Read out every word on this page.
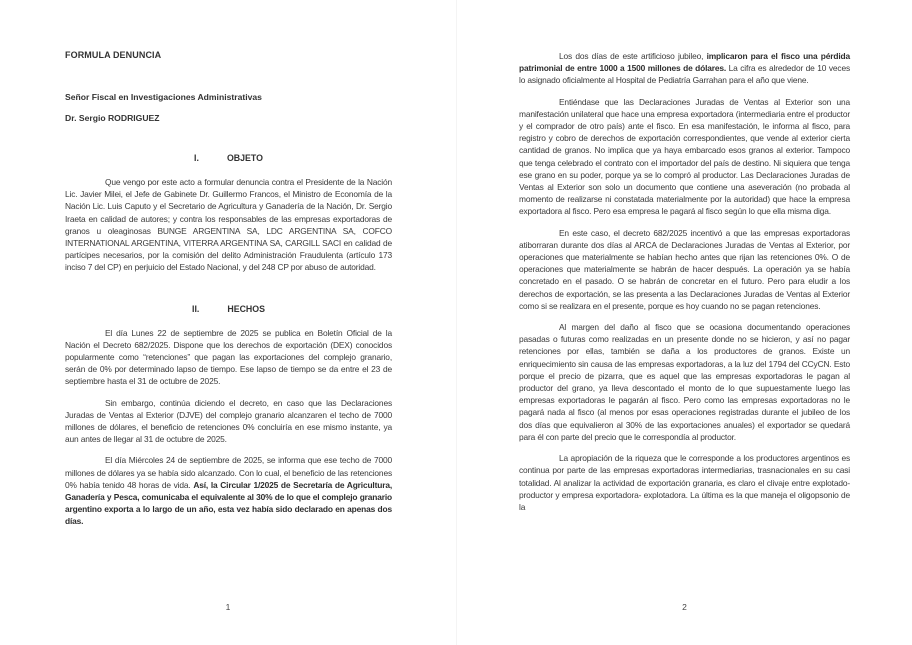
FORMULA DENUNCIA

Señor Fiscal en Investigaciones Administrativas

Dr. Sergio RODRIGUEZ

I.	OBJETO

Que vengo por este acto a formular denuncia contra el Presidente de la Nación Lic. Javier Milei, el Jefe de Gabinete Dr. Guillermo Francos, el Ministro de Economía de la Nación Lic. Luis Caputo y el Secretario de Agricultura y Ganadería de la Nación, Dr. Sergio Iraeta en calidad de autores; y contra los responsables de las empresas exportadoras de granos u oleaginosas BUNGE ARGENTINA SA, LDC ARGENTINA SA, COFCO INTERNATIONAL ARGENTINA, VITERRA ARGENTINA SA, CARGILL SACI en calidad de partícipes necesarios, por la comisión del delito Administración Fraudulenta (artículo 173 inciso 7 del CP) en perjuicio del Estado Nacional, y del 248 CP por abuso de autoridad.

II.	HECHOS

El día Lunes 22 de septiembre de 2025 se publica en Boletín Oficial de la Nación el Decreto 682/2025. Dispone que los derechos de exportación (DEX) conocidos popularmente como “retenciones” que pagan las exportaciones del complejo granario, serán de 0% por determinado lapso de tiempo. Ese lapso de tiempo se da entre el 23 de septiembre hasta el 31 de octubre de 2025.

Sin embargo, continúa diciendo el decreto, en caso que las Declaraciones Juradas de Ventas al Exterior (DJVE) del complejo granario alcanzaren el techo de 7000 millones de dólares, el beneficio de retenciones 0% concluiría en ese mismo instante, ya aun antes de llegar al 31 de octubre de 2025.

El día Miércoles 24 de septiembre de 2025, se informa que ese techo de 7000 millones de dólares ya se había sido alcanzado. Con lo cual, el beneficio de las retenciones 0% había tenido 48 horas de vida. Así, la Circular 1/2025 de Secretaría de Agricultura, Ganadería y Pesca, comunicaba el equivalente al 30% de lo que el complejo granario argentino exporta a lo largo de un año, esta vez había sido declarado en apenas dos días.

1

Los dos días de este artificioso jubileo, implicaron para el fisco una pérdida patrimonial de entre 1000 a 1500 millones de dólares. La cifra es alrededor de 10 veces lo asignado oficialmente al Hospital de Pediatría Garrahan para el año que viene.

Entiéndase que las Declaraciones Juradas de Ventas al Exterior son una manifestación unilateral que hace una empresa exportadora (intermediaria entre el productor y el comprador de otro país) ante el fisco. En esa manifestación, le informa al fisco, para registro y cobro de derechos de exportación correspondientes, que vende al exterior cierta cantidad de granos. No implica que ya haya embarcado esos granos al exterior. Tampoco que tenga celebrado el contrato con el importador del país de destino. Ni siquiera que tenga ese grano en su poder, porque ya se lo compró al productor. Las Declaraciones Juradas de Ventas al Exterior son solo un documento que contiene una aseveración (no probada al momento de realizarse ni constatada materialmente por la autoridad) que hace la empresa exportadora al fisco. Pero esa empresa le pagará al fisco según lo que ella misma diga.

En este caso, el decreto 682/2025 incentivó a que las empresas exportadoras atiborraran durante dos días al ARCA de Declaraciones Juradas de Ventas al Exterior, por operaciones que materialmente se habían hecho antes que rijan las retenciones 0%. O de operaciones que materialmente se habrán de hacer después. La operación ya se había concretado en el pasado. O se habrán de concretar en el futuro. Pero para eludir a los derechos de exportación, se las presenta a las Declaraciones Juradas de Ventas al Exterior como si se realizara en el presente, porque es hoy cuando no se pagan retenciones.

Al margen del daño al fisco que se ocasiona documentando operaciones pasadas o futuras como realizadas en un presente donde no se hicieron, y así no pagar retenciones por ellas, también se daña a los productores de granos. Existe un enriquecimiento sin causa de las empresas exportadoras, a la luz del 1794 del CCyCN. Esto porque el precio de pizarra, que es aquel que las empresas exportadoras le pagan al productor del grano, ya lleva descontado el monto de lo que supuestamente luego las empresas exportadoras le pagarán al fisco. Pero como las empresas exportadoras no le pagará nada al fisco (al menos por esas operaciones registradas durante el jubileo de los dos días que equivalieron al 30% de las exportaciones anuales) el exportador se quedará para él con parte del precio que le correspondía al productor.

La apropiación de la riqueza que le corresponde a los productores argentinos es continua por parte de las empresas exportadoras intermediarias, trasnacionales en su casi totalidad. Al analizar la actividad de exportación granaria, es claro el clivaje entre explotado-productor y empresa exportadora- explotadora. La última es la que maneja el oligopsonio de la

2
